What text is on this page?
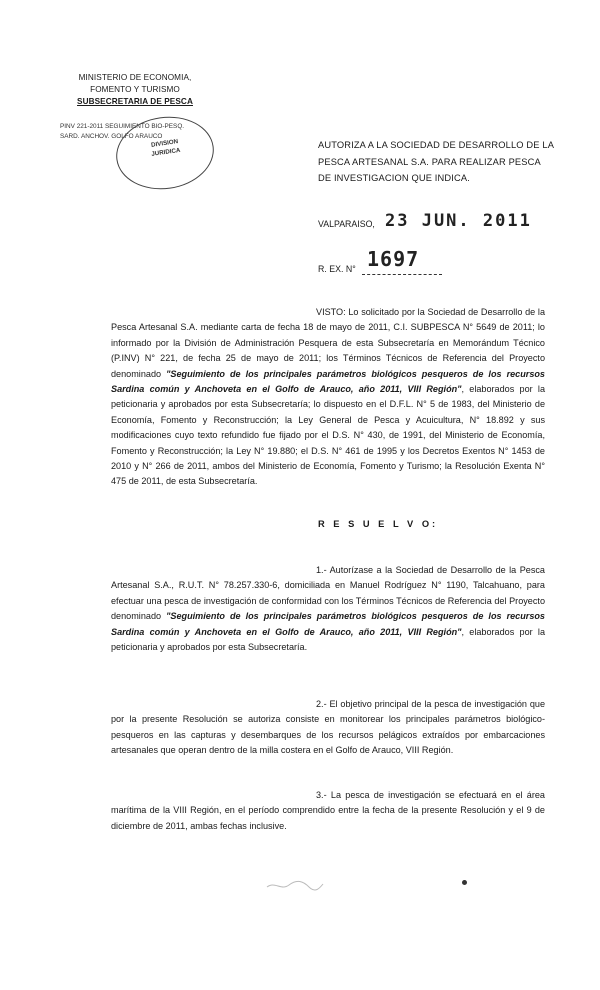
MINISTERIO DE ECONOMIA,
FOMENTO Y TURISMO
SUBSECRETARIA DE PESCA
PINV 221-2011 SEGUIMIENTO BIO-PESQ.
SARD. ANCHOV. GOLFO ARAUCO
DIVISION
JURIDICA
AUTORIZA A LA SOCIEDAD DE DESARROLLO DE LA PESCA ARTESANAL S.A. PARA REALIZAR PESCA DE INVESTIGACION QUE INDICA.
VALPARAISO, 23 JUN. 2011
R. EX. N° 1697
VISTO: Lo solicitado por la Sociedad de Desarrollo de la Pesca Artesanal S.A. mediante carta de fecha 18 de mayo de 2011, C.I. SUBPESCA N° 5649 de 2011; lo informado por la División de Administración Pesquera de esta Subsecretaría en Memorándum Técnico (P.INV) N° 221, de fecha 25 de mayo de 2011; los Términos Técnicos de Referencia del Proyecto denominado "Seguimiento de los principales parámetros biológicos pesqueros de los recursos Sardina común y Anchoveta en el Golfo de Arauco, año 2011, VIII Región", elaborados por la peticionaria y aprobados por esta Subsecretaría; lo dispuesto en el D.F.L. N° 5 de 1983, del Ministerio de Economía, Fomento y Reconstrucción; la Ley General de Pesca y Acuicultura, N° 18.892 y sus modificaciones cuyo texto refundido fue fijado por el D.S. N° 430, de 1991, del Ministerio de Economía, Fomento y Reconstrucción; la Ley N° 19.880; el D.S. N° 461 de 1995 y los Decretos Exentos N° 1453 de 2010 y N° 266 de 2011, ambos del Ministerio de Economía, Fomento y Turismo; la Resolución Exenta N° 475 de 2011, de esta Subsecretaría.
R E S U E L V O:
1.- Autorízase a la Sociedad de Desarrollo de la Pesca Artesanal S.A., R.U.T. N° 78.257.330-6, domiciliada en Manuel Rodríguez N° 1190, Talcahuano, para efectuar una pesca de investigación de conformidad con los Términos Técnicos de Referencia del Proyecto denominado "Seguimiento de los principales parámetros biológicos pesqueros de los recursos Sardina común y Anchoveta en el Golfo de Arauco, año 2011, VIII Región", elaborados por la peticionaria y aprobados por esta Subsecretaría.
2.- El objetivo principal de la pesca de investigación que por la presente Resolución se autoriza consiste en monitorear los principales parámetros biológico-pesqueros en las capturas y desembarques de los recursos pelágicos extraídos por embarcaciones artesanales que operan dentro de la milla costera en el Golfo de Arauco, VIII Región.
3.- La pesca de investigación se efectuará en el área marítima de la VIII Región, en el período comprendido entre la fecha de la presente Resolución y el 9 de diciembre de 2011, ambas fechas inclusive.
